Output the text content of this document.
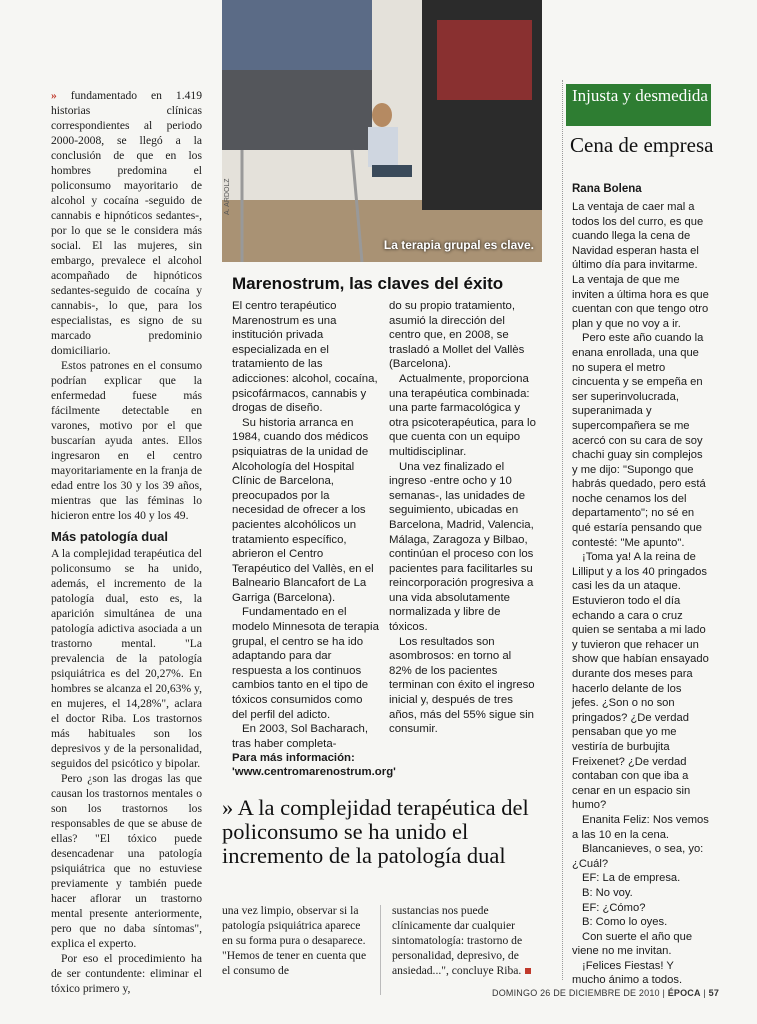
» fundamentado en 1.419 historias clínicas correspondientes al periodo 2000-2008, se llegó a la conclusión de que en los hombres predomina el policonsumo mayoritario de alcohol y cocaína -seguido de cannabis e hipnóticos sedantes-, por lo que se le considera más social. El las mujeres, sin embargo, prevalece el alcohol acompañado de hipnóticos sedantes-seguido de cocaína y cannabis-, lo que, para los especialistas, es signo de su marcado predominio domiciliario.

Estos patrones en el consumo podrían explicar que la enfermedad fuese más fácilmente detectable en varones, motivo por el que buscarían ayuda antes. Ellos ingresaron en el centro mayoritariamente en la franja de edad entre los 30 y los 39 años, mientras que las féminas lo hicieron entre los 40 y los 49.

Más patología dual

A la complejidad terapéutica del policonsumo se ha unido, además, el incremento de la patología dual, esto es, la aparición simultánea de una patología adictiva asociada a un trastorno mental. "La prevalencia de la patología psiquiátrica es del 20,27%. En hombres se alcanza el 20,63% y, en mujeres, el 14,28%", aclara el doctor Riba. Los trastornos más habituales son los depresivos y de la personalidad, seguidos del psicótico y bipolar.

Pero ¿son las drogas las que causan los trastornos mentales o son los trastornos los responsables de que se abuse de ellas? "El tóxico puede desencadenar una patología psiquiátrica que no estuviese previamente y también puede hacer aflorar un trastorno mental presente anteriormente, pero que no daba síntomas", explica el experto.

Por eso el procedimiento ha de ser contundente: eliminar el tóxico primero y,

A. ARDOLZ
La terapia grupal es clave.
Marenostrum, las claves del éxito

El centro terapéutico Marenostrum es una institución privada especializada en el tratamiento de las adicciones: alcohol, cocaína, psicofármacos, cannabis y drogas de diseño.

Su historia arranca en 1984, cuando dos médicos psiquiatras de la unidad de Alcohología del Hospital Clínic de Barcelona, preocupados por la necesidad de ofrecer a los pacientes alcohólicos un tratamiento específico, abrieron el Centro Terapéutico del Vallès, en el Balneario Blancafort de La Garriga (Barcelona).

Fundamentado en el modelo Minnesota de terapia grupal, el centro se ha ido adaptando para dar respuesta a los continuos cambios tanto en el tipo de tóxicos consumidos como del perfil del adicto.

En 2003, Sol Bacharach, tras haber completa-

do su propio tratamiento, asumió la dirección del centro que, en 2008, se trasladó a Mollet del Vallès (Barcelona).

Actualmente, proporciona una terapéutica combinada: una parte farmacológica y otra psicoterapéutica, para lo que cuenta con un equipo multidisciplinar.

Una vez finalizado el ingreso -entre ocho y 10 semanas-, las unidades de seguimiento, ubicadas en Barcelona, Madrid, Valencia, Málaga, Zaragoza y Bilbao, continúan el proceso con los pacientes para facilitarles su reincorporación progresiva a una vida absolutamente normalizada y libre de tóxicos.

Los resultados son asombrosos: en torno al 82% de los pacientes terminan con éxito el ingreso inicial y, después de tres años, más del 55% sigue sin consumir.

Para más información:
'www.centromarenostrum.org'
» A la complejidad terapéutica del policonsumo se ha unido el incremento de la patología dual
una vez limpio, observar si la patología psiquiátrica aparece en su forma pura o desaparece. "Hemos de tener en cuenta que el consumo de
sustancias nos puede clínicamente dar cualquier sintomatología: trastorno de personalidad, depresivo, de ansiedad...", concluye Riba.
Injusta y desmedida
Cena de empresa
Rana Bolena

La ventaja de caer mal a todos los del curro, es que cuando llega la cena de Navidad esperan hasta el último día para invitarme. La ventaja de que me inviten a última hora es que cuentan con que tengo otro plan y que no voy a ir.

Pero este año cuando la enana enrollada, una que no supera el metro cincuenta y se empeña en ser superinvolucrada, superanimada y supercompañera se me acercó con su cara de soy chachi guay sin complejos y me dijo: "Supongo que habrás quedado, pero está noche cenamos los del departamento"; no sé en qué estaría pensando que contesté: "Me apunto".

¡Toma ya! A la reina de Lilliput y a los 40 pringados casi les da un ataque. Estuvieron todo el día echando a cara o cruz quien se sentaba a mi lado y tuvieron que rehacer un show que habían ensayado durante dos meses para hacerlo delante de los jefes. ¿Son o no son pringados? ¿De verdad pensaban que yo me vestiría de burbujita Freixenet? ¿De verdad contaban con que iba a cenar en un espacio sin humo?

Enanita Feliz: Nos vemos a las 10 en la cena.

Blancanieves, o sea, yo: ¿Cuál?

EF: La de empresa.

B: No voy.

EF: ¿Cómo?

B: Como lo oyes.

Con suerte el año que viene no me invitan.

¡Felices Fiestas! Y mucho ánimo a todos.

DOMINGO 26 DE DICIEMBRE DE 2010 | ÉPOCA | 57
